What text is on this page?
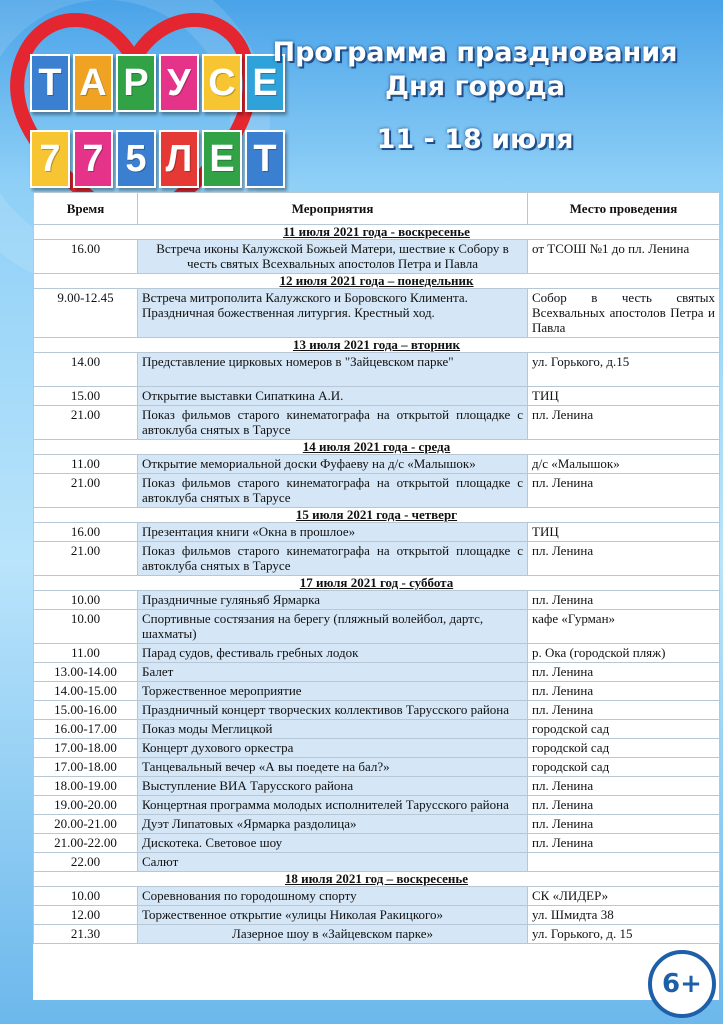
Т А Р У С Е
7 7 5 Л Е Т
Программа празднования
Дня города
11 - 18 июля
Время	Мероприятия	Место проведения
11 июля 2021 года - воскресенье		
16.00	Встреча иконы Калужской Божьей Матери, шествие к Собору в честь святых Всехвальных апостолов Петра и Павла	от ТСОШ №1 до пл. Ленина
12 июля 2021 года – понедельник		
9.00-12.45	Встреча митрополита Калужского и Боровского Климента. Праздничная божественная литургия. Крестный ход.	Собор в честь святых Всехвальных апостолов Петра и Павла
13 июля 2021 года – вторник		
14.00	Представление цирковых номеров в "Зайцевском парке"	ул. Горького, д.15
15.00	Открытие выставки Сипаткина А.И.	ТИЦ
21.00	Показ фильмов старого кинематографа на открытой площадке с автоклуба снятых в Тарусе	пл. Ленина
14 июля 2021 года - среда		
11.00	Открытие мемориальной доски Фуфаеву на д/с «Малышок»	д/с «Малышок»
21.00	Показ фильмов старого кинематографа на открытой площадке с автоклуба снятых в Тарусе	пл. Ленина
15 июля 2021 года - четверг		
16.00	Презентация книги «Окна в прошлое»	ТИЦ
21.00	Показ фильмов старого кинематографа на открытой площадке с автоклуба снятых в Тарусе	пл. Ленина
17 июля 2021 год - суббота		
10.00	Праздничные гуляньяб Ярмарка	пл. Ленина
10.00	Спортивные состязания на берегу (пляжный волейбол, дартс, шахматы)	кафе «Гурман»
11.00	Парад судов, фестиваль гребных лодок	р. Ока (городской пляж)
13.00-14.00	Балет	пл. Ленина
14.00-15.00	Торжественное мероприятие	пл. Ленина
15.00-16.00	Праздничный концерт творческих коллективов Тарусского района	пл. Ленина
16.00-17.00	Показ моды Меглицкой	городской сад
17.00-18.00	Концерт духового оркестра	городской сад
17.00-18.00	Танцевальный вечер «А вы поедете на бал?»	городской сад
18.00-19.00	Выступление ВИА Тарусского района	пл. Ленина
19.00-20.00	Концертная программа молодых исполнителей Тарусского района	пл. Ленина
20.00-21.00	Дуэт Липатовых «Ярмарка раздолица»	пл. Ленина
21.00-22.00	Дискотека. Световое шоу	пл. Ленина
22.00	Салют	
18 июля 2021 год – воскресенье		
10.00	Соревнования по городошному спорту	СК «ЛИДЕР»
12.00	Торжественное открытие «улицы Николая Ракицкого»	ул. Шмидта 38
21.30	Лазерное шоу в «Зайцевском парке»	ул. Горького, д. 15
6+
